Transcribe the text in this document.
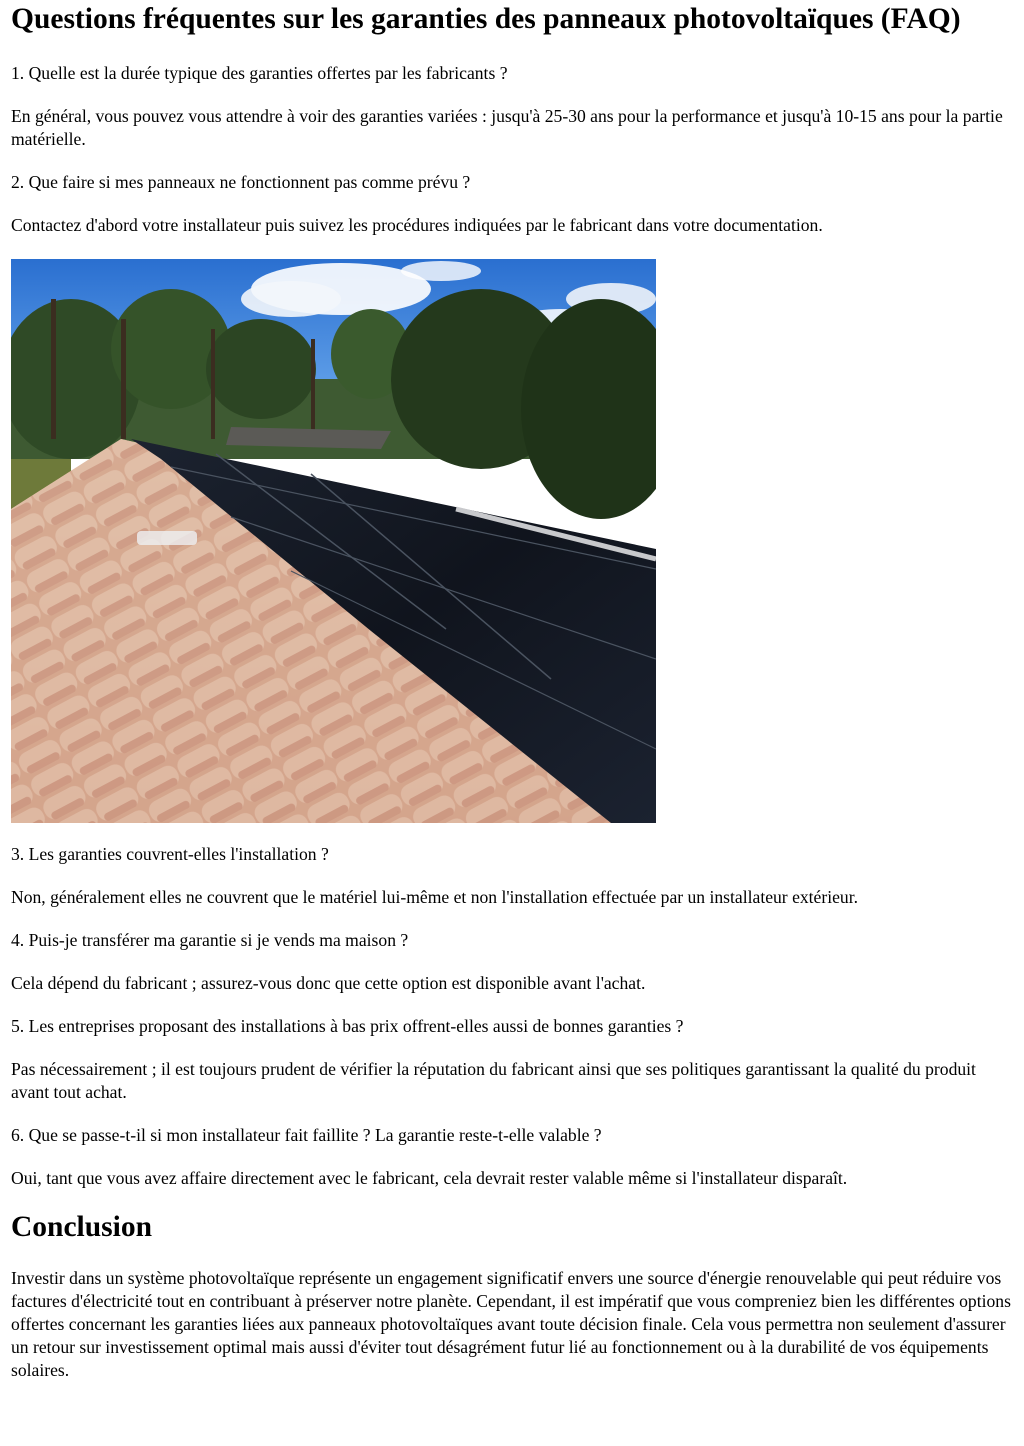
Questions fréquentes sur les garanties des panneaux photovoltaïques (FAQ)

1. Quelle est la durée typique des garanties offertes par les fabricants ?

En général, vous pouvez vous attendre à voir des garanties variées : jusqu'à 25-30 ans pour la performance et jusqu'à 10-15 ans pour la partie matérielle.

2. Que faire si mes panneaux ne fonctionnent pas comme prévu ?

Contactez d'abord votre installateur puis suivez les procédures indiquées par le fabricant dans votre documentation.

3. Les garanties couvrent-elles l'installation ?

Non, généralement elles ne couvrent que le matériel lui-même et non l'installation effectuée par un installateur extérieur.

4. Puis-je transférer ma garantie si je vends ma maison ?

Cela dépend du fabricant ; assurez-vous donc que cette option est disponible avant l'achat.

5. Les entreprises proposant des installations à bas prix offrent-elles aussi de bonnes garanties ?

Pas nécessairement ; il est toujours prudent de vérifier la réputation du fabricant ainsi que ses politiques garantissant la qualité du produit avant tout achat.

6. Que se passe-t-il si mon installateur fait faillite ? La garantie reste-t-elle valable ?

Oui, tant que vous avez affaire directement avec le fabricant, cela devrait rester valable même si l'installateur disparaît.

Conclusion

Investir dans un système photovoltaïque représente un engagement significatif envers une source d'énergie renouvelable qui peut réduire vos factures d'électricité tout en contribuant à préserver notre planète. Cependant, il est impératif que vous compreniez bien les différentes options offertes concernant les garanties liées aux panneaux photovoltaïques avant toute décision finale. Cela vous permettra non seulement d'assurer un retour sur investissement optimal mais aussi d'éviter tout désagrément futur lié au fonctionnement ou à la durabilité de vos équipements solaires.
